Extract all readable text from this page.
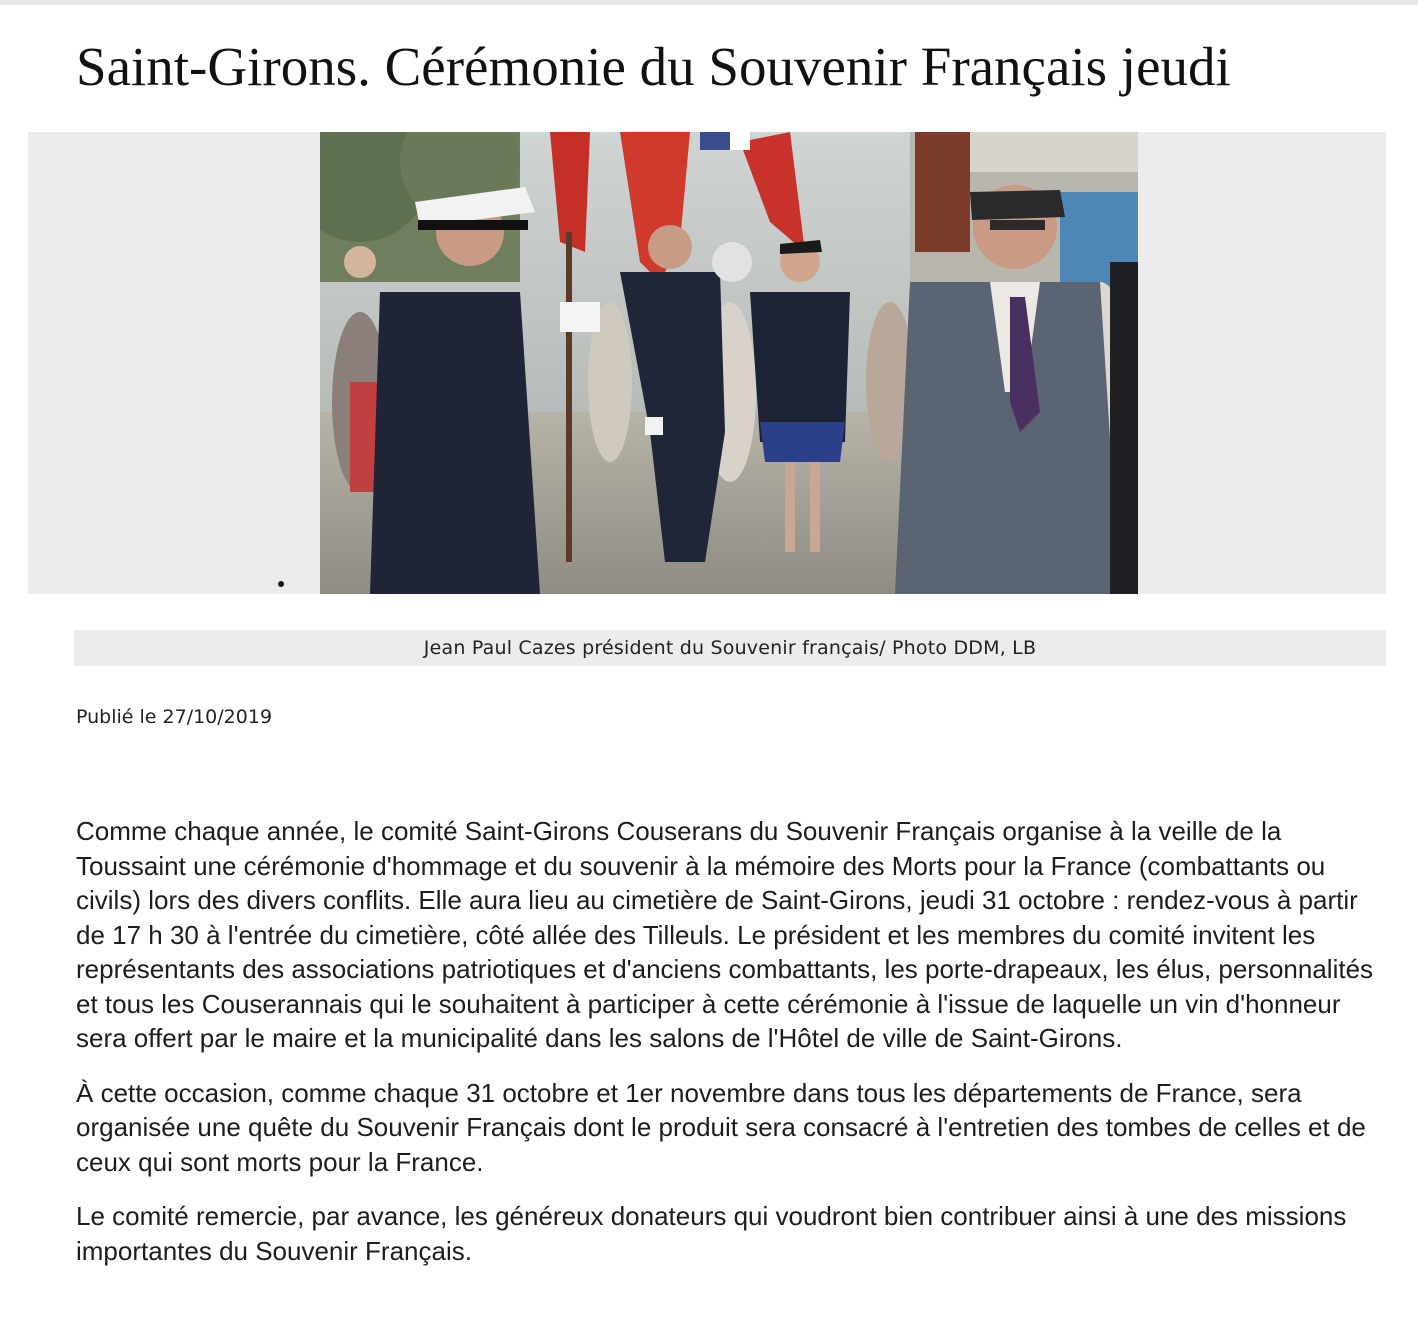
Saint-Girons. Cérémonie du Souvenir Français jeudi
Jean Paul Cazes président du Souvenir français/ Photo DDM, LB
Publié le 27/10/2019

Comme chaque année, le comité Saint-Girons Couserans du Souvenir Français organise à la veille de la Toussaint une cérémonie d'hommage et du souvenir à la mémoire des Morts pour la France (combattants ou civils) lors des divers conflits. Elle aura lieu au cimetière de Saint-Girons, jeudi 31 octobre : rendez-vous à partir de 17 h 30 à l'entrée du cimetière, côté allée des Tilleuls. Le président et les membres du comité invitent les représentants des associations patriotiques et d'anciens combattants, les porte-drapeaux, les élus, personnalités et tous les Couserannais qui le souhaitent à participer à cette cérémonie à l'issue de laquelle un vin d'honneur sera offert par le maire et la municipalité dans les salons de l'Hôtel de ville de Saint-Girons.

À cette occasion, comme chaque 31 octobre et 1er novembre dans tous les départements de France, sera organisée une quête du Souvenir Français dont le produit sera consacré à l'entretien des tombes de celles et de ceux qui sont morts pour la France.

Le comité remercie, par avance, les généreux donateurs qui voudront bien contribuer ainsi à une des missions importantes du Souvenir Français.
